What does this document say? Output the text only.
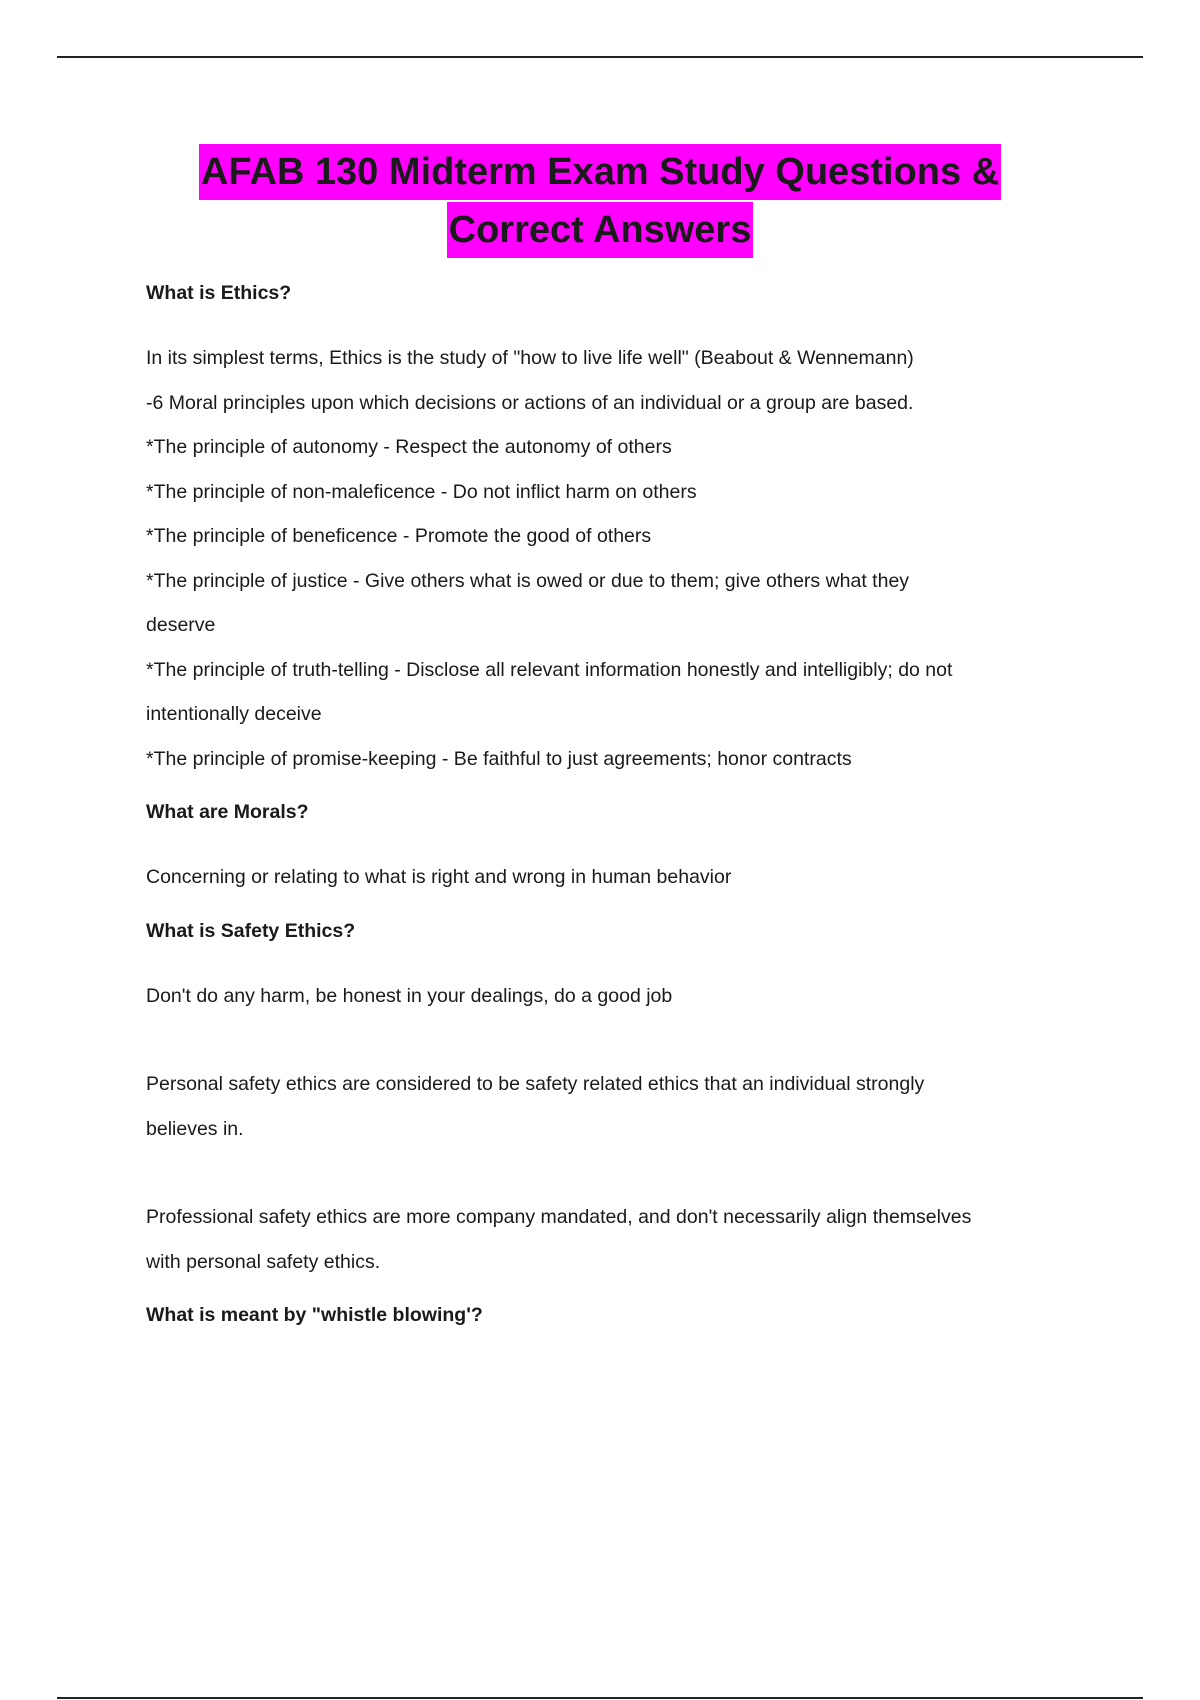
AFAB 130 Midterm Exam Study Questions &
Correct Answers

What is Ethics?

In its simplest terms, Ethics is the study of "how to live life well" (Beabout & Wennemann)

-6 Moral principles upon which decisions or actions of an individual or a group are based.

*The principle of autonomy - Respect the autonomy of others

*The principle of non-maleficence - Do not inflict harm on others

*The principle of beneficence - Promote the good of others

*The principle of justice - Give others what is owed or due to them; give others what they

deserve

*The principle of truth-telling - Disclose all relevant information honestly and intelligibly; do not

intentionally deceive

*The principle of promise-keeping - Be faithful to just agreements; honor contracts

What are Morals?

Concerning or relating to what is right and wrong in human behavior

What is Safety Ethics?

Don't do any harm, be honest in your dealings, do a good job

Personal safety ethics are considered to be safety related ethics that an individual strongly

believes in.

Professional safety ethics are more company mandated, and don't necessarily align themselves

with personal safety ethics.

What is meant by "whistle blowing'?
